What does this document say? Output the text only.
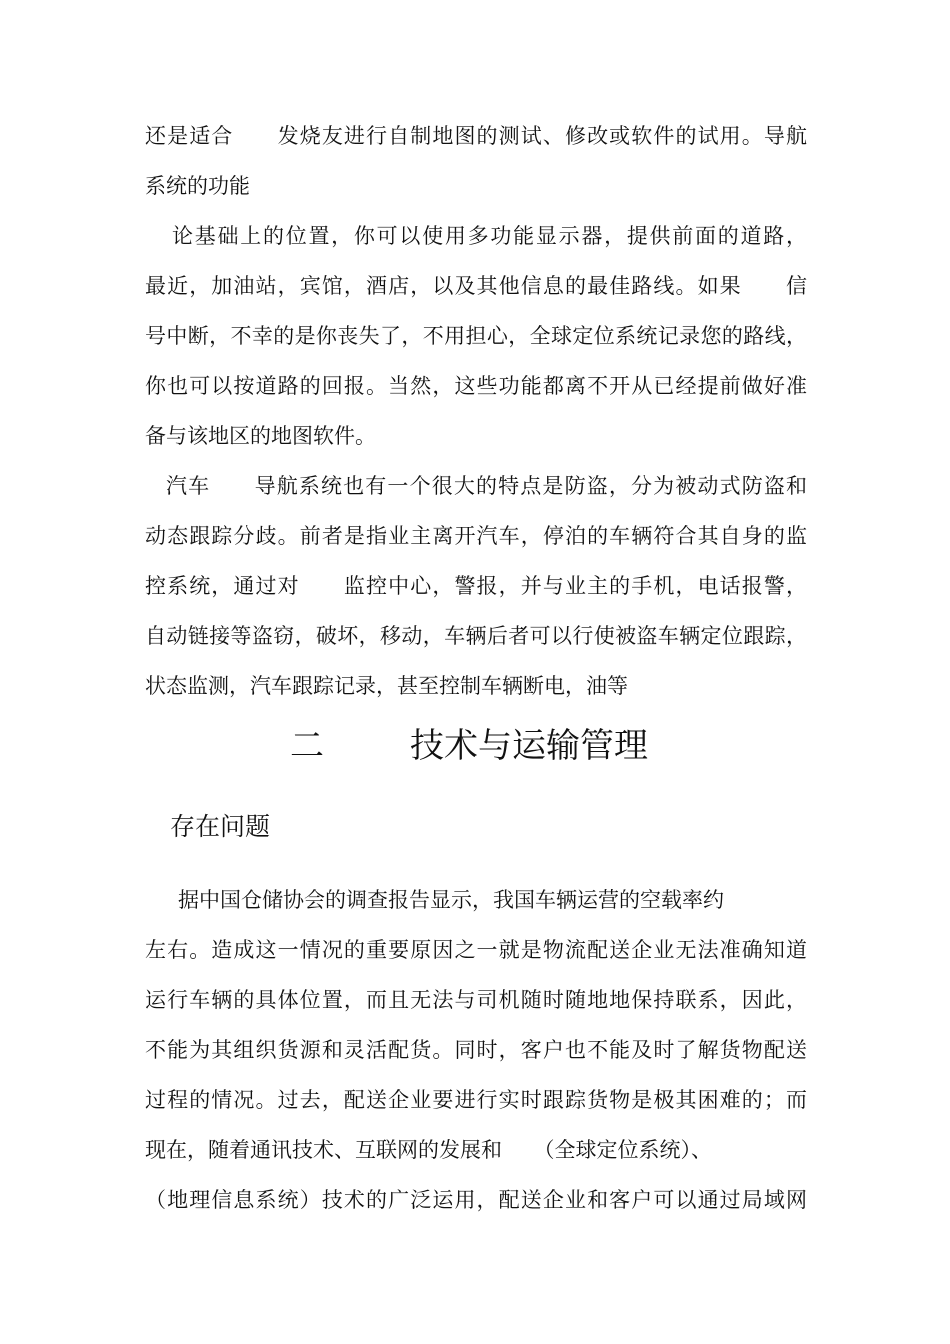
还是适合　　发烧友进行自制地图的测试、修改或软件的试用。导航
系统的功能
论基础上的位置，你可以使用多功能显示器，提供前面的道路，
最近，加油站，宾馆，酒店，以及其他信息的最佳路线。如果　　信
号中断，不幸的是你丧失了，不用担心，全球定位系统记录您的路线，
你也可以按道路的回报。当然，这些功能都离不开从已经提前做好准
备与该地区的地图软件。
汽车　　导航系统也有一个很大的特点是防盗，分为被动式防盗和
动态跟踪分歧。前者是指业主离开汽车，停泊的车辆符合其自身的监
控系统，通过对　　监控中心，警报，并与业主的手机，电话报警，
自动链接等盗窃，破坏，移动，车辆后者可以行使被盗车辆定位跟踪，
状态监测，汽车跟踪记录，甚至控制车辆断电，油等
二	技术与运输管理
存在问题
据中国仓储协会的调查报告显示，我国车辆运营的空载率约
左右。造成这一情况的重要原因之一就是物流配送企业无法准确知道
运行车辆的具体位置，而且无法与司机随时随地地保持联系，因此，
不能为其组织货源和灵活配货。同时，客户也不能及时了解货物配送
过程的情况。过去，配送企业要进行实时跟踪货物是极其困难的；而
现在，随着通讯技术、互联网的发展和　　（全球定位系统）、
（地理信息系统）技术的广泛运用，配送企业和客户可以通过局域网
